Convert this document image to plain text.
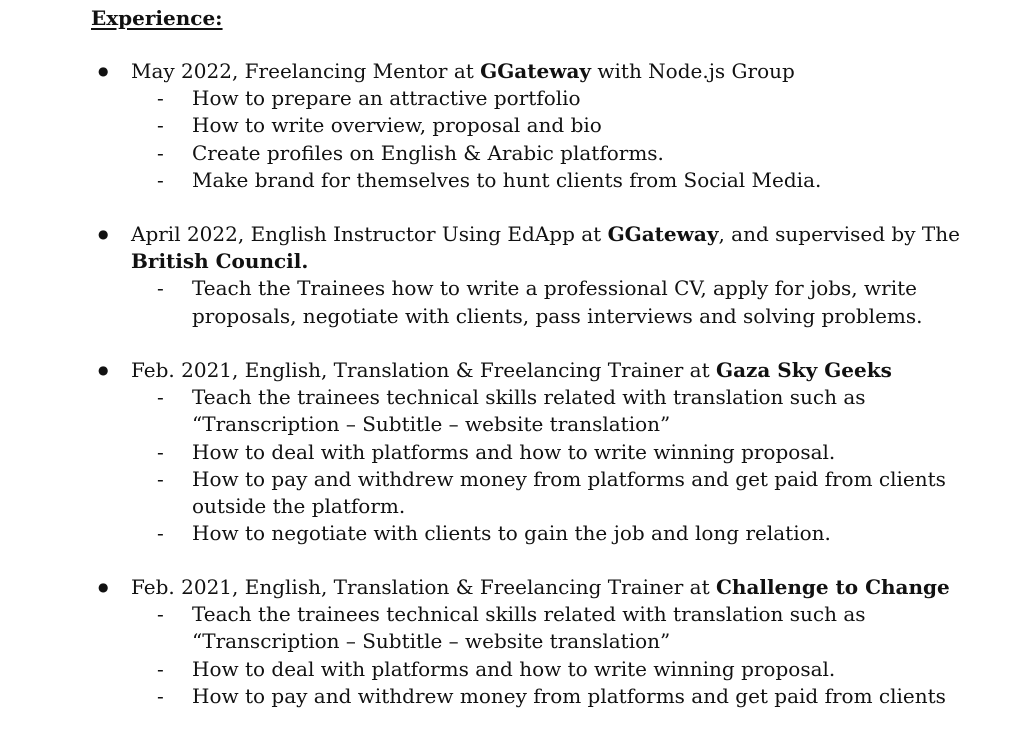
Experience:
● May 2022, Freelancing Mentor at GGateway with Node.js Group
- How to prepare an attractive portfolio
- How to write overview, proposal and bio
- Create profiles on English & Arabic platforms.
- Make brand for themselves to hunt clients from Social Media.
● April 2022, English Instructor Using EdApp at GGateway, and supervised by The
British Council.
- Teach the Trainees how to write a professional CV, apply for jobs, write
proposals, negotiate with clients, pass interviews and solving problems.
● Feb. 2021, English, Translation & Freelancing Trainer at Gaza Sky Geeks
- Teach the trainees technical skills related with translation such as
“Transcription – Subtitle – website translation”
- How to deal with platforms and how to write winning proposal.
- How to pay and withdrew money from platforms and get paid from clients
outside the platform.
- How to negotiate with clients to gain the job and long relation.
● Feb. 2021, English, Translation & Freelancing Trainer at Challenge to Change
- Teach the trainees technical skills related with translation such as
“Transcription – Subtitle – website translation”
- How to deal with platforms and how to write winning proposal.
- How to pay and withdrew money from platforms and get paid from clients
